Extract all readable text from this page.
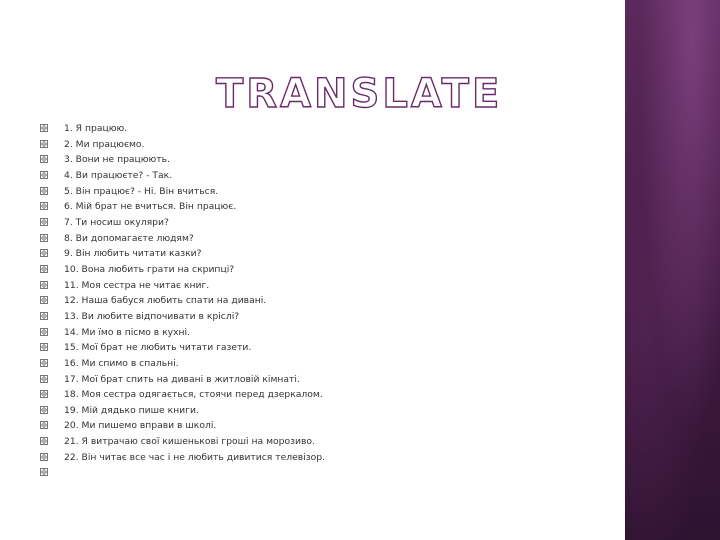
TRANSLATE
1. Я працюю.
2. Ми працюємо.
3. Вони не працюють.
4. Ви працюєте? - Так.
5. Він працює? - Ні. Він вчиться.
6. Мій брат не вчиться. Він працює.
7. Ти носиш окуляри?
8. Ви допомагаєте людям?
9. Він любить читати казки?
10. Вона любить грати на скрипці?
11. Моя сестра не читає книг.
12. Наша бабуся любить спати на дивані.
13. Ви любите відпочивати в кріслі?
14. Ми їмо в пісмо в кухні.
15. Мої брат не любить читати газети.
16. Ми спимо в спальні.
17. Мої брат спить на дивані в житловій кімнаті.
18. Моя сестра одягається, стоячи перед дзеркалом.
19. Мій дядько пише книги.
20. Ми пишемо вправи в школі.
21. Я витрачаю свої кишенькові гроші на морозиво.
22. Він читає все час і не любить дивитися телевізор.
